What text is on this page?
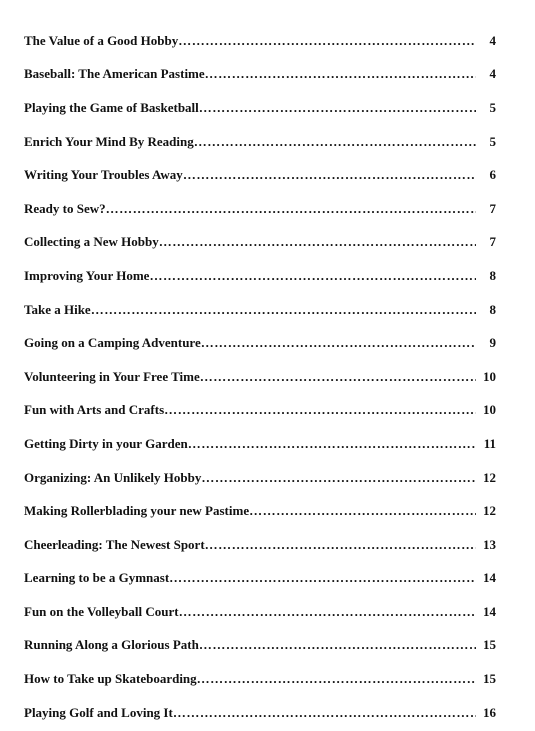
The Value of a Good Hobby ……………………………………………………………………………………………………………	4
Baseball: The American Pastime ……………………………………………………………………………………………………………	4
Playing the Game of Basketball ……………………………………………………………………………………………………………	5
Enrich Your Mind By Reading ……………………………………………………………………………………………………………	5
Writing Your Troubles Away ……………………………………………………………………………………………………………	6
Ready to Sew? ……………………………………………………………………………………………………………	7
Collecting a New Hobby ……………………………………………………………………………………………………………	7
Improving Your Home ……………………………………………………………………………………………………………	8
Take a Hike ……………………………………………………………………………………………………………	8
Going on a Camping Adventure ……………………………………………………………………………………………………………	9
Volunteering in Your Free Time ……………………………………………………………………………………………………………	10
Fun with Arts and Crafts ……………………………………………………………………………………………………………	10
Getting Dirty in your Garden ……………………………………………………………………………………………………………	11
Organizing: An Unlikely Hobby ……………………………………………………………………………………………………………	12
Making Rollerblading your new Pastime ……………………………………………………………………………………………………………	12
Cheerleading: The Newest Sport ……………………………………………………………………………………………………………	13
Learning to be a Gymnast ……………………………………………………………………………………………………………	14
Fun on the Volleyball Court ……………………………………………………………………………………………………………	14
Running Along a Glorious Path ……………………………………………………………………………………………………………	15
How to Take up Skateboarding ……………………………………………………………………………………………………………	15
Playing Golf and Loving It ……………………………………………………………………………………………………………	16
